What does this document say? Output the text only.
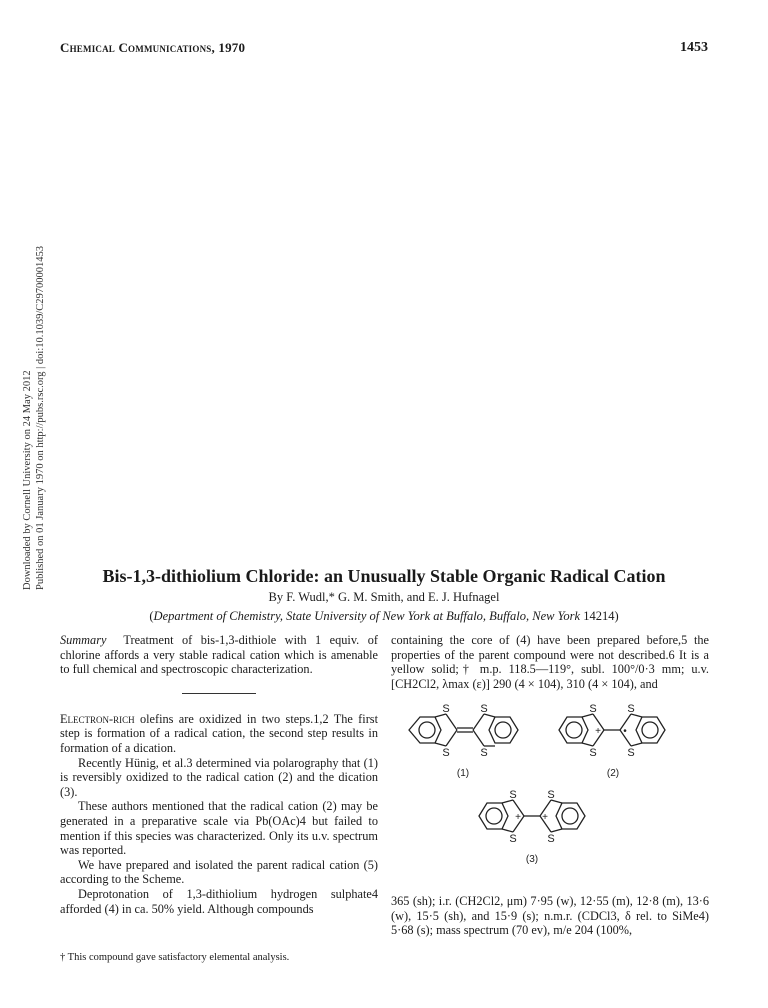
Chemical Communications, 1970	1453
Downloaded by Cornell University on 24 May 2012 Published on 01 January 1970 on http://pubs.rsc.org | doi:10.1039/C29700001453	Bis-1,3-dithiolium Chloride: an Unusually Stable Organic Radical Cation
By F. Wudl,* G. M. Smith, and E. J. Hufnagel
(Department of Chemistry, State University of New York at Buffalo, Buffalo, New York 14214)

Summary Treatment of bis-1,3-dithiole with 1 equiv. of chlorine affords a very stable radical cation which is amenable to full chemical and spectroscopic characterization.

Electron-rich olefins are oxidized in two steps.1,2 The first step is formation of a radical cation, the second step results in formation of a dication.

Recently Hünig, et al.3 determined via polarography that (1) is reversibly oxidized to the radical cation (2) and the dication (3).

These authors mentioned that the radical cation (2) may be generated in a preparative scale via Pb(OAc)4 but failed to mention if this species was characterized. Only its u.v. spectrum was reported.

We have prepared and isolated the parent radical cation (5) according to the Scheme.

Deprotonation of 1,3-dithiolium hydrogen sulphate4 afforded (4) in ca. 50% yield. Although compounds

† This compound gave satisfactory elemental analysis.

containing the core of (4) have been prepared before,5 the properties of the parent compound were not described.6 It is a yellow solid;† m.p. 118.5—119°, subl. 100°/0·3 mm; u.v. [CH2Cl2, λmax (ε)] 290 (4 × 104), 310 (4 × 104), and

S
S
S
S
S
S
S
S
+ •
S
S
S
S
+ +
(1)	(2)
(3)

365 (sh); i.r. (CH2Cl2, μm) 7·95 (w), 12·55 (m), 12·8 (m), 13·6 (w), 15·5 (sh), and 15·9 (s); n.m.r. (CDCl3, δ rel. to SiMe4) 5·68 (s); mass spectrum (70 ev), m/e 204 (100%,
